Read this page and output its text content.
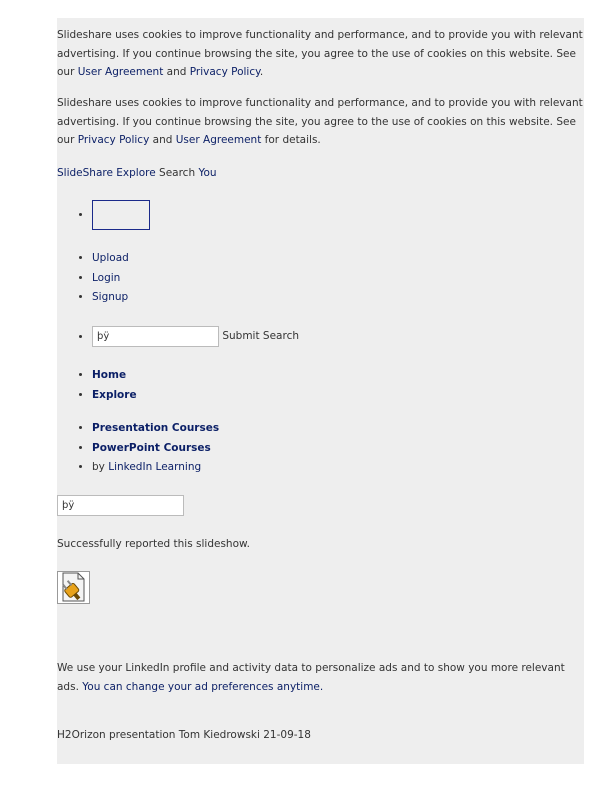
Slideshare uses cookies to improve functionality and performance, and to provide you with relevant advertising. If you continue browsing the site, you agree to the use of cookies on this website. See our User Agreement and Privacy Policy.

Slideshare uses cookies to improve functionality and performance, and to provide you with relevant advertising. If you continue browsing the site, you agree to the use of cookies on this website. See our Privacy Policy and User Agreement for details.

SlideShare Explore Search You

•
• Upload
• Login
• Signup
þÿ • Submit Search
• Home
• Explore
• Presentation Courses
• PowerPoint Courses
• by LinkedIn Learning
þÿ

Successfully reported this slideshow.

We use your LinkedIn profile and activity data to personalize ads and to show you more relevant ads. You can change your ad preferences anytime.

H2Orizon presentation Tom Kiedrowski 21-09-18
